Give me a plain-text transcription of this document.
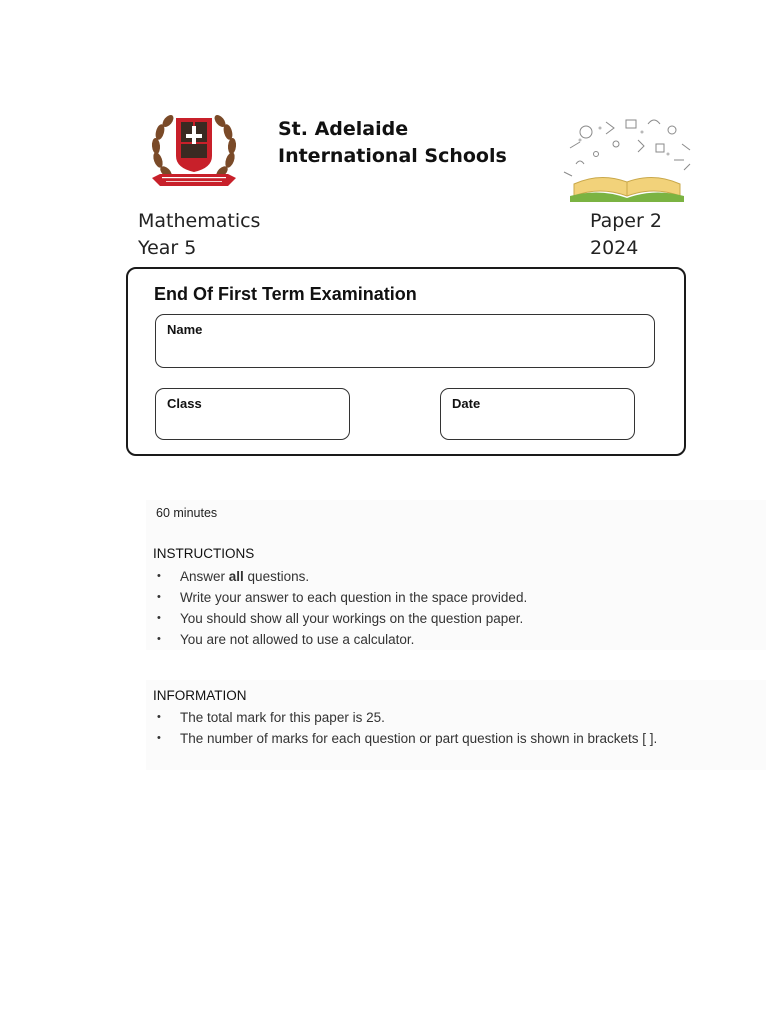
St. Adelaide
International Schools
Mathematics
Year 5
Paper 2
2024
End Of First Term Examination
Name
Class	Date
60 minutes
INSTRUCTIONS
• Answer all questions.
• Write your answer to each question in the space provided.
• You should show all your workings on the question paper.
• You are not allowed to use a calculator.
INFORMATION
• The total mark for this paper is 25.
• The number of marks for each question or part question is shown in brackets [ ].
